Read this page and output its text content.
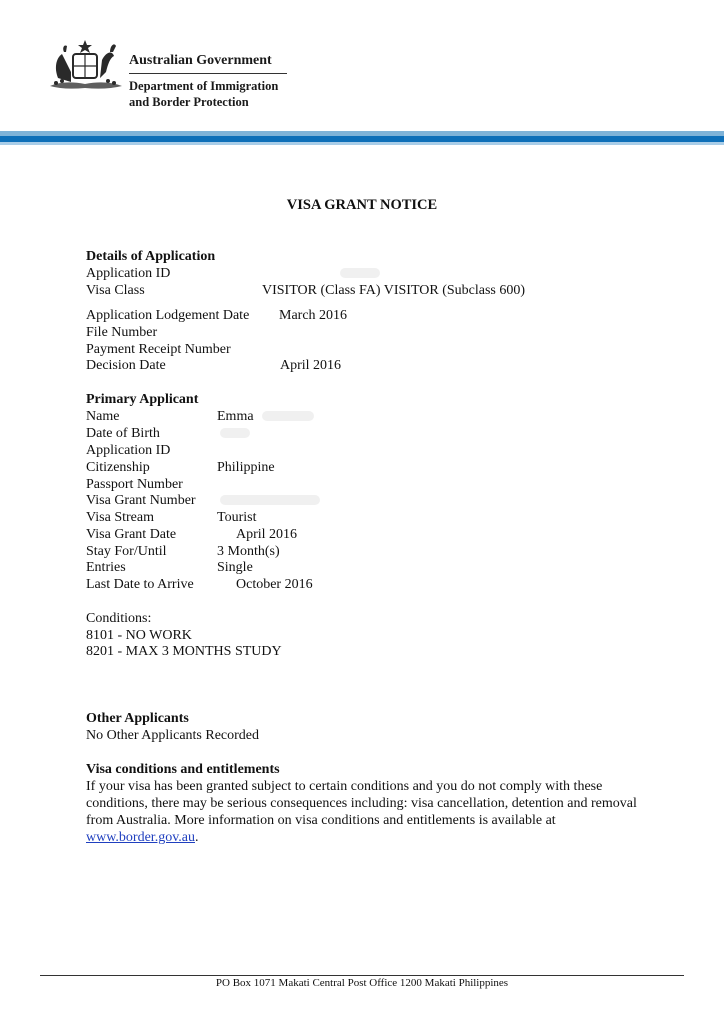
Australian Government
Department of Immigration
and Border Protection
VISA GRANT NOTICE
Details of Application
Application ID
Visa Class	VISITOR (Class FA) VISITOR (Subclass 600)
Application Lodgement Date March 2016
File Number
Payment Receipt Number
Decision Date	April 2016
Primary Applicant
Name	Emma
Date of Birth
Application ID
Citizenship	Philippine
Passport Number
Visa Grant Number
Visa Stream	Tourist
Visa Grant Date	April 2016
Stay For/Until	3 Month(s)
Entries	Single
Last Date to Arrive	October 2016
Conditions:
8101 - NO WORK
8201 - MAX 3 MONTHS STUDY
Other Applicants
No Other Applicants Recorded
Visa conditions and entitlements
If your visa has been granted subject to certain conditions and you do not comply with these conditions, there may be serious consequences including: visa cancellation, detention and removal from Australia. More information on visa conditions and entitlements is available at www.border.gov.au.
PO Box 1071 Makati Central Post Office 1200 Makati Philippines
